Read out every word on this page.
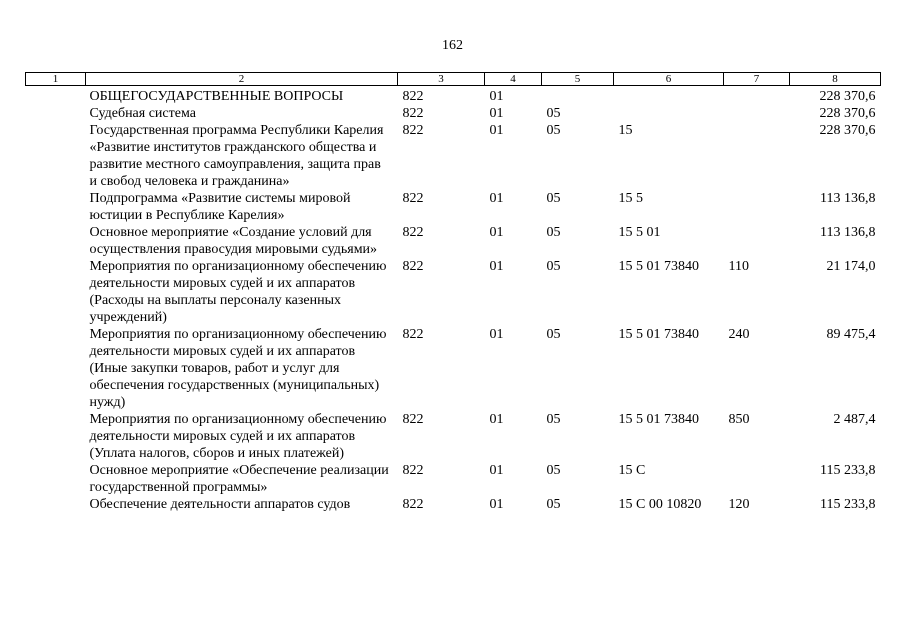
162
1	2	3	4	5	6	7	8
	ОБЩЕГОСУДАРСТВЕННЫЕ ВОПРОСЫ	822	01				228 370,6
	Судебная система	822	01	05			228 370,6
	Государственная программа Республики Карелия «Развитие институтов гражданского общества и развитие местного самоуправления, защита прав и свобод человека и гражданина»	822	01	05	15		228 370,6
	Подпрограмма «Развитие системы мировой юстиции в Республике Карелия»	822	01	05	15 5		113 136,8
	Основное мероприятие «Создание условий для осуществления правосудия мировыми судьями»	822	01	05	15 5 01		113 136,8
	Мероприятия по организационному обеспечению деятельности мировых судей и их аппаратов (Расходы на выплаты персоналу казенных учреждений)	822	01	05	15 5 01 73840	110	21 174,0
	Мероприятия по организационному обеспечению деятельности мировых судей и их аппаратов (Иные закупки товаров, работ и услуг для обеспечения государственных (муниципальных) нужд)	822	01	05	15 5 01 73840	240	89 475,4
	Мероприятия по организационному обеспечению деятельности мировых судей и их аппаратов (Уплата налогов, сборов и иных платежей)	822	01	05	15 5 01 73840	850	2 487,4
	Основное мероприятие «Обеспечение реализации государственной программы»	822	01	05	15 С		115 233,8
	Обеспечение деятельности аппаратов судов	822	01	05	15 С 00 10820	120	115 233,8
